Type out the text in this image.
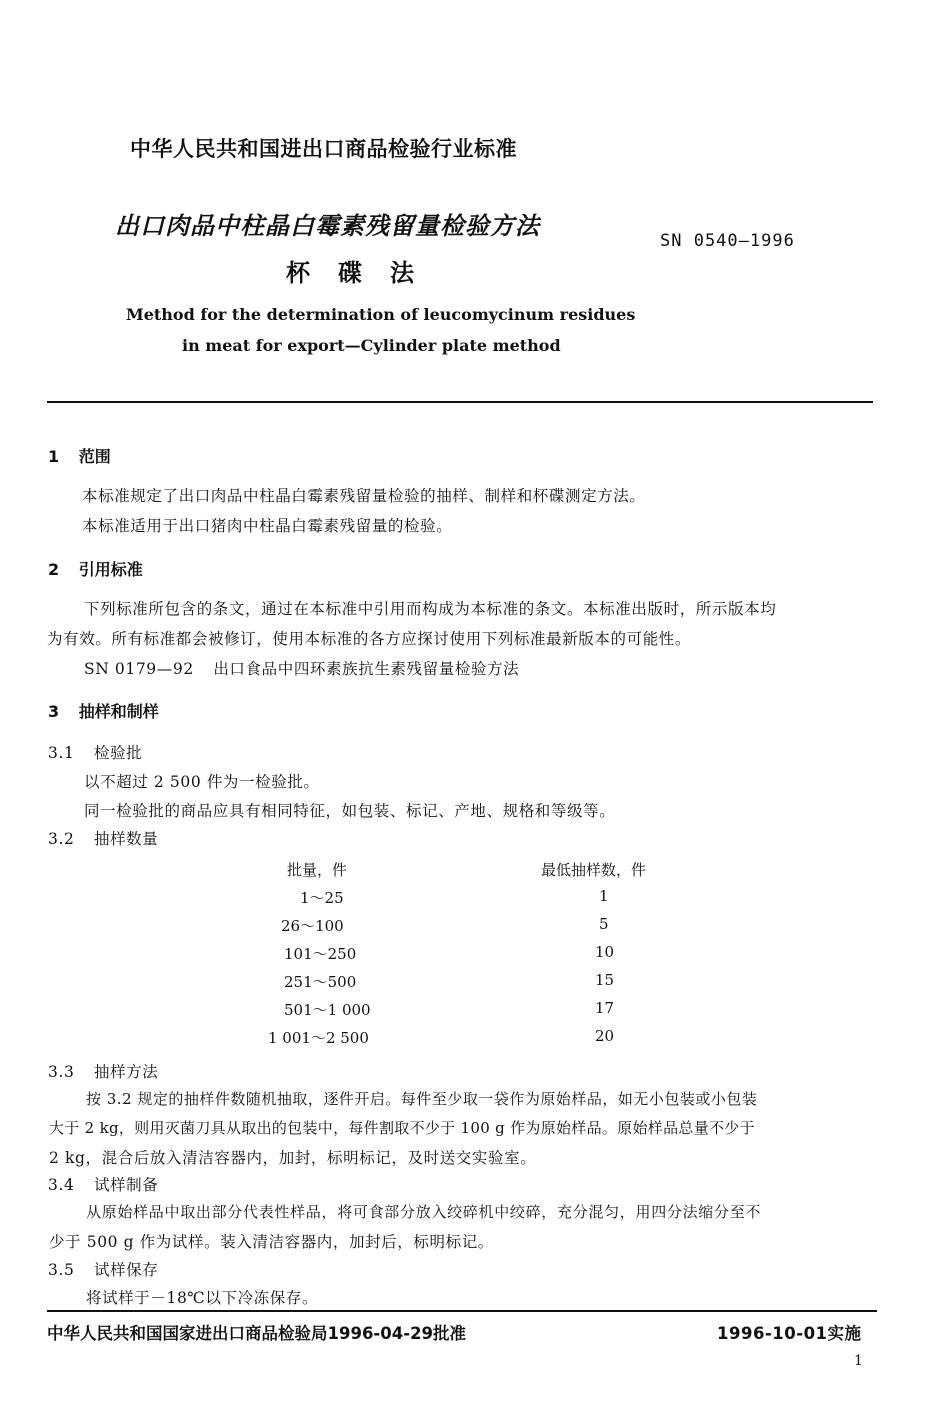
中华人民共和国进出口商品检验行业标准
出口肉品中柱晶白霉素残留量检验方法
杯　碟　法
SN 0540—1996
Method for the determination of leucomycinum residues
in meat for export—Cylinder plate method
1 范围
本标准规定了出口肉品中柱晶白霉素残留量检验的抽样、制样和杯碟测定方法。
本标准适用于出口猪肉中柱晶白霉素残留量的检验。
2 引用标准
下列标准所包含的条文，通过在本标准中引用而构成为本标准的条文。本标准出版时，所示版本均
为有效。所有标准都会被修订，使用本标准的各方应探讨使用下列标准最新版本的可能性。
SN 0179—92 出口食品中四环素族抗生素残留量检验方法
3 抽样和制样
3.1 检验批
以不超过 2 500 件为一检验批。
同一检验批的商品应具有相同特征，如包装、标记、产地、规格和等级等。
3.2 抽样数量
批量，件	最低抽样数，件
1～25	1
26～100	5
101～250	10
251～500	15
501～1 000	17
1 001～2 500	20
3.3 抽样方法
按 3.2 规定的抽样件数随机抽取，逐件开启。每件至少取一袋作为原始样品，如无小包装或小包装
大于 2 kg，则用灭菌刀具从取出的包装中，每件割取不少于 100 g 作为原始样品。原始样品总量不少于
2 kg，混合后放入清洁容器内，加封，标明标记，及时送交实验室。
3.4 试样制备
从原始样品中取出部分代表性样品，将可食部分放入绞碎机中绞碎，充分混匀，用四分法缩分至不
少于 500 g 作为试样。装入清洁容器内，加封后，标明标记。
3.5 试样保存
将试样于－18℃以下冷冻保存。
中华人民共和国国家进出口商品检验局1996-04-29批准	1996-10-01实施
1
